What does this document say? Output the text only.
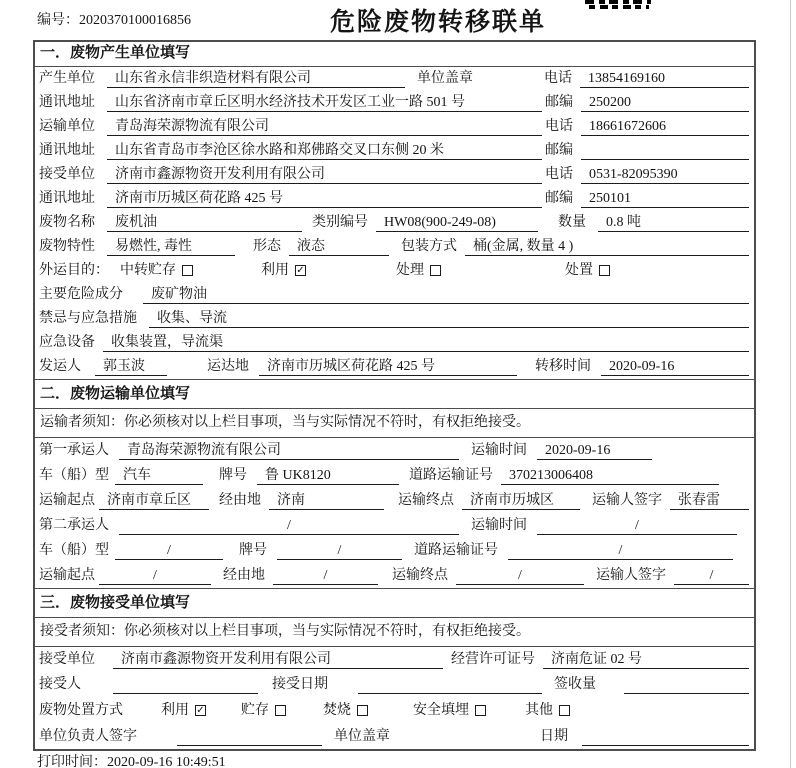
编号：2020370100016856	危险废物转移联单
一．废物产生单位填写
产生单位	山东省永信非织造材料有限公司	单位盖章	电话	13854169160
通讯地址	山东省济南市章丘区明水经济技术开发区工业一路 501 号	邮编	250200
运输单位	青岛海荣源物流有限公司	电话	18661672606
通讯地址	山东省青岛市李沧区徐水路和郑佛路交叉口东侧 20 米	邮编
接受单位	济南市鑫源物资开发利用有限公司	电话	0531-82095390
通讯地址	济南市历城区荷花路 425 号	邮编	250101
废物名称	废机油	类别编号	HW08(900-249-08)	数量	0.8 吨
废物特性	易燃性, 毒性	形态	液态	包装方式	桶(金属, 数量 4 )
外运目的： 中转贮存	利用 ✓	处理	处置
主要危险成分	废矿物油
禁忌与应急措施	收集、导流
应急设备	收集装置，导流渠
发运人	郭玉波	运达地	济南市历城区荷花路 425 号	转移时间	2020-09-16
二．废物运输单位填写
运输者须知：你必须核对以上栏目事项，当与实际情况不符时，有权拒绝接受。
第一承运人	青岛海荣源物流有限公司	运输时间	2020-09-16
车（船）型	汽车	牌号	鲁 UK8120	道路运输证号	370213006408
运输起点 济南市章丘区	经由地	济南	运输终点	济南市历城区	运输人签字	张春雷
第二承运人	/	运输时间	/
车（船）型	/	牌号	/	道路运输证号	/
运输起点	/	经由地	/	运输终点	/	运输人签字	/
三．废物接受单位填写
接受者须知：你必须核对以上栏目事项，当与实际情况不符时，有权拒绝接受。
接受单位	济南市鑫源物资开发利用有限公司	经营许可证号	济南危证 02 号
接受人	接受日期	签收量
废物处置方式	利用 ✓	贮存	焚烧	安全填埋	其他
单位负责人签字	单位盖章	日期
打印时间：2020-09-16 10:49:51
